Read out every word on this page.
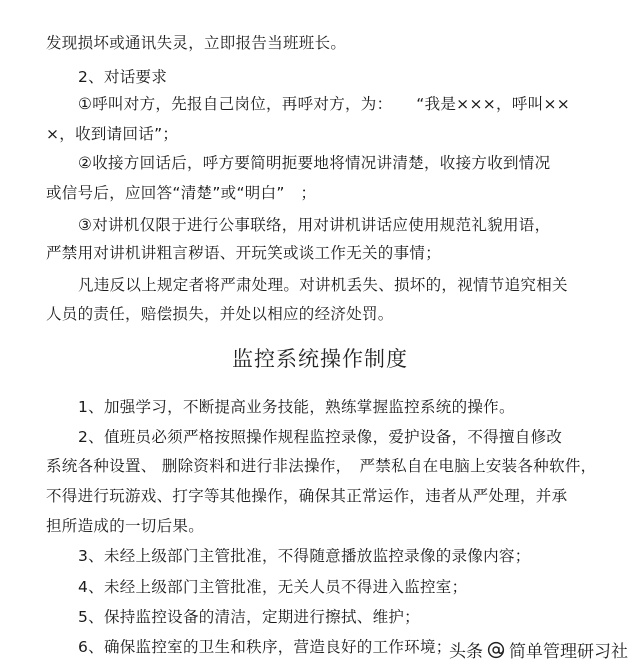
发现损坏或通讯失灵，立即报告当班班长。
2、对话要求
①呼叫对方，先报自己岗位，再呼对方，为：　　“我是×××，呼叫××
×，收到请回话”；
②收接方回话后，呼方要简明扼要地将情况讲清楚，收接方收到情况
或信号后，应回答“清楚”或“明白”　；
③对讲机仅限于进行公事联络，用对讲机讲话应使用规范礼貌用语，
严禁用对讲机讲粗言秽语、开玩笑或谈工作无关的事情；
凡违反以上规定者将严肃处理。对讲机丢失、损坏的，视情节追究相关
人员的责任，赔偿损失，并处以相应的经济处罚。
监控系统操作制度
1、加强学习，不断提高业务技能，熟练掌握监控系统的操作。
2、值班员必须严格按照操作规程监控录像，爱护设备，不得擅自修改
系统各种设置、 删除资料和进行非法操作，　严禁私自在电脑上安装各种软件，
不得进行玩游戏、打字等其他操作，确保其正常运作，违者从严处理，并承
担所造成的一切后果。
3、未经上级部门主管批准，不得随意播放监控录像的录像内容；
4、未经上级部门主管批准，无关人员不得进入监控室；
5、保持监控设备的清洁，定期进行擦拭、维护；
6、确保监控室的卫生和秩序，营造良好的工作环境；
头条 简单管理研习社
